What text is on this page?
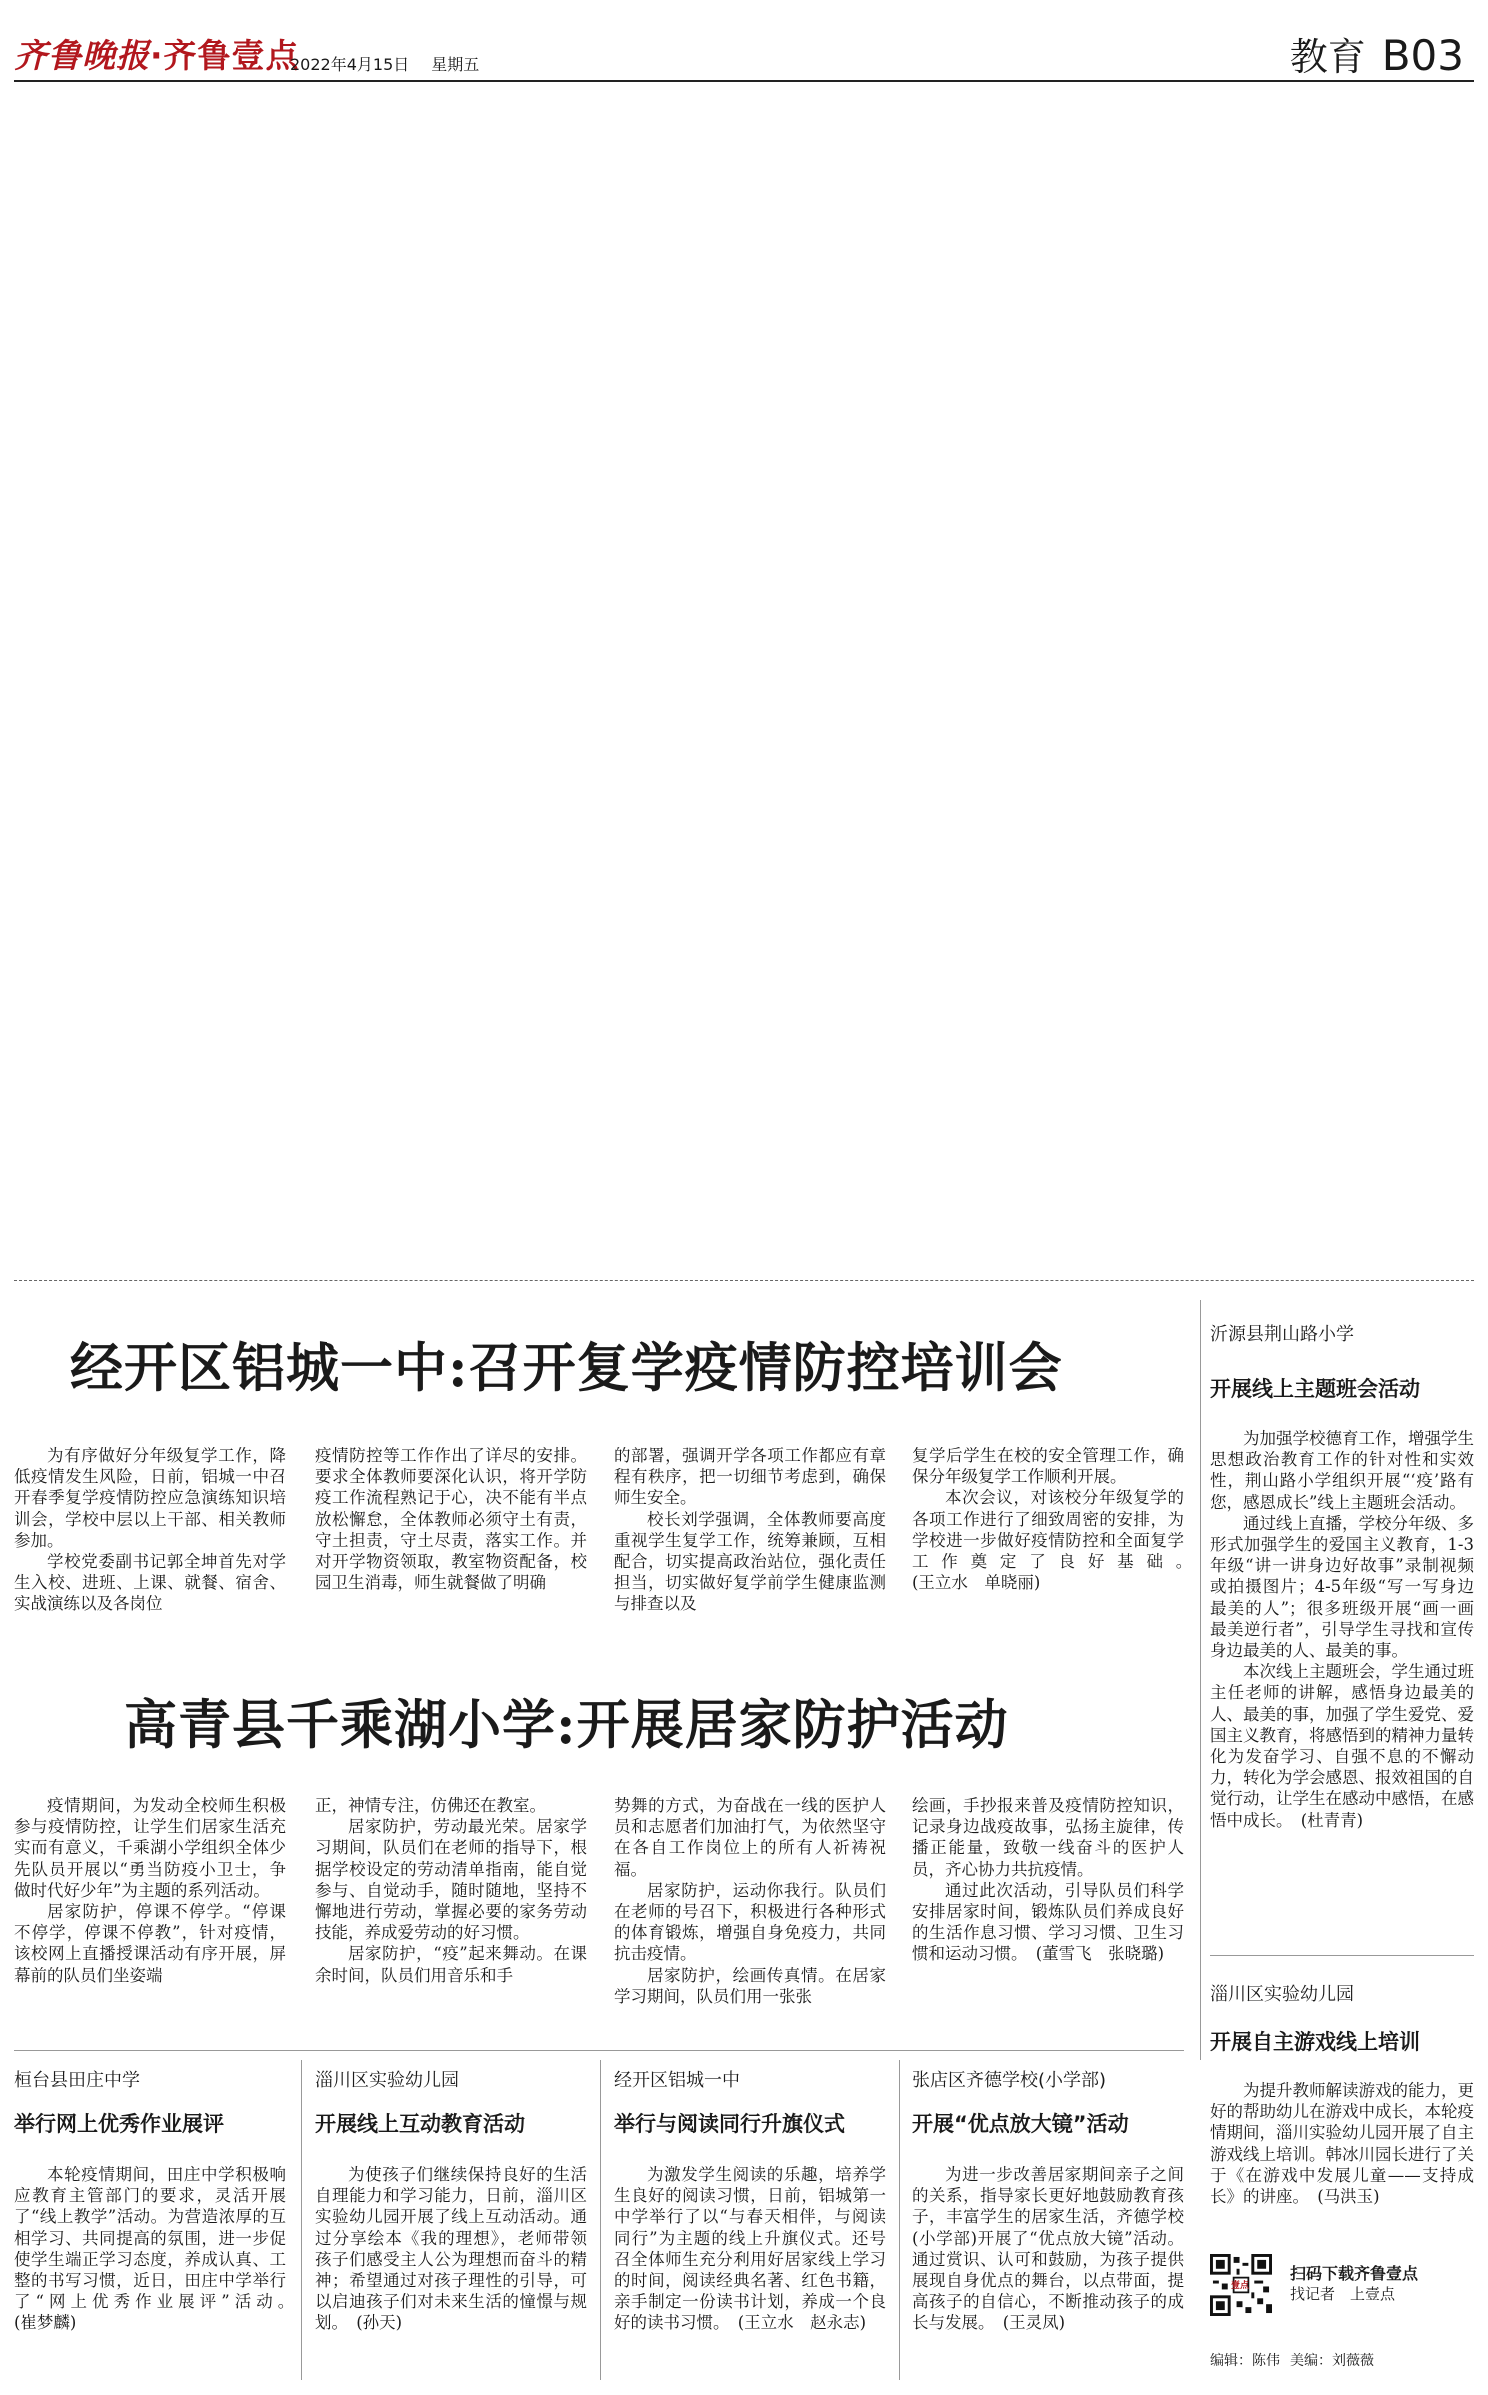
齐鲁晚报·齐鲁壹点
2022年4月15日 星期五	教育 B03
经开区铝城一中:召开复学疫情防控培训会

为有序做好分年级复学工作，降低疫情发生风险，日前，铝城一中召开春季复学疫情防控应急演练知识培训会，学校中层以上干部、相关教师参加。

学校党委副书记郭全坤首先对学生入校、进班、上课、就餐、宿舍、实战演练以及各岗位

疫情防控等工作作出了详尽的安排。要求全体教师要深化认识，将开学防疫工作流程熟记于心，决不能有半点放松懈怠，全体教师必须守土有责，守土担责，守土尽责，落实工作。并对开学物资领取，教室物资配备，校园卫生消毒，师生就餐做了明确

的部署，强调开学各项工作都应有章程有秩序，把一切细节考虑到，确保师生安全。

校长刘学强调，全体教师要高度重视学生复学工作，统筹兼顾，互相配合，切实提高政治站位，强化责任担当，切实做好复学前学生健康监测与排查以及

复学后学生在校的安全管理工作，确保分年级复学工作顺利开展。

本次会议，对该校分年级复学的各项工作进行了细致周密的安排，为学校进一步做好疫情防控和全面复学工作奠定了良好基础。　(王立水　单晓丽)

高青县千乘湖小学:开展居家防护活动

疫情期间，为发动全校师生积极参与疫情防控，让学生们居家生活充实而有意义，千乘湖小学组织全体少先队员开展以“勇当防疫小卫士，争做时代好少年”为主题的系列活动。

居家防护，停课不停学。“停课不停学，停课不停教”，针对疫情，该校网上直播授课活动有序开展，屏幕前的队员们坐姿端

正，神情专注，仿佛还在教室。

居家防护，劳动最光荣。居家学习期间，队员们在老师的指导下，根据学校设定的劳动清单指南，能自觉参与、自觉动手，随时随地，坚持不懈地进行劳动，掌握必要的家务劳动技能，养成爱劳动的好习惯。

居家防护，“疫”起来舞动。在课余时间，队员们用音乐和手

势舞的方式，为奋战在一线的医护人员和志愿者们加油打气，为依然坚守在各自工作岗位上的所有人祈祷祝福。

居家防护，运动你我行。队员们在老师的号召下，积极进行各种形式的体育锻炼，增强自身免疫力，共同抗击疫情。

居家防护，绘画传真情。在居家学习期间，队员们用一张张

绘画，手抄报来普及疫情防控知识，记录身边战疫故事，弘扬主旋律，传播正能量，致敬一线奋斗的医护人员，齐心协力共抗疫情。

通过此次活动，引导队员们科学安排居家时间，锻炼队员们养成良好的生活作息习惯、学习习惯、卫生习惯和运动习惯。　 (董雪飞　张晓璐)

沂源县荆山路小学
开展线上主题班会活动

为加强学校德育工作，增强学生思想政治教育工作的针对性和实效性，荆山路小学组织开展“‘疫’路有您，感恩成长”线上主题班会活动。

通过线上直播，学校分年级、多形式加强学生的爱国主义教育，1-3年级“讲一讲身边好故事”录制视频或拍摄图片；4-5年级“写一写身边最美的人”；很多班级开展“画一画最美逆行者”，引导学生寻找和宣传身边最美的人、最美的事。

本次线上主题班会，学生通过班主任老师的讲解，感悟身边最美的人、最美的事，加强了学生爱党、爱国主义教育，将感悟到的精神力量转化为发奋学习、自强不息的不懈动力，转化为学会感恩、报效祖国的自觉行动，让学生在感动中感悟，在感悟中成长。　 (杜青青)

淄川区实验幼儿园
开展自主游戏线上培训

为提升教师解读游戏的能力，更好的帮助幼儿在游戏中成长，本轮疫情期间，淄川实验幼儿园开展了自主游戏线上培训。韩冰川园长进行了关于《在游戏中发展儿童——支持成长》的讲座。　 (马洪玉)

桓台县田庄中学
举行网上优秀作业展评

本轮疫情期间，田庄中学积极响应教育主管部门的要求，灵活开展了“线上教学”活动。为营造浓厚的互相学习、共同提高的氛围，进一步促使学生端正学习态度，养成认真、工整的书写习惯，近日，田庄中学举行了“网上优秀作业展评”活动。　(崔梦麟)

淄川区实验幼儿园
开展线上互动教育活动

为使孩子们继续保持良好的生活自理能力和学习能力，日前，淄川区实验幼儿园开展了线上互动活动。通过分享绘本《我的理想》，老师带领孩子们感受主人公为理想而奋斗的精神；希望通过对孩子理性的引导，可以启迪孩子们对未来生活的憧憬与规划。　 (孙天)

经开区铝城一中
举行与阅读同行升旗仪式

为激发学生阅读的乐趣，培养学生良好的阅读习惯，日前，铝城第一中学举行了以“与春天相伴，与阅读同行”为主题的线上升旗仪式。还号召全体师生充分利用好居家线上学习的时间，阅读经典名著、红色书籍，亲手制定一份读书计划，养成一个良好的读书习惯。　 (王立水　赵永志)

张店区齐德学校(小学部)
开展“优点放大镜”活动

为进一步改善居家期间亲子之间的关系，指导家长更好地鼓励教育孩子，丰富学生的居家生活，齐德学校(小学部)开展了“优点放大镜”活动。通过赏识、认可和鼓励，为孩子提供展现自身优点的舞台，以点带面，提高孩子的自信心，不断推动孩子的成长与发展。　 (王灵凤)

壹点
扫码下载齐鲁壹点
找记者　上壹点
编辑：陈伟 美编：刘薇薇
